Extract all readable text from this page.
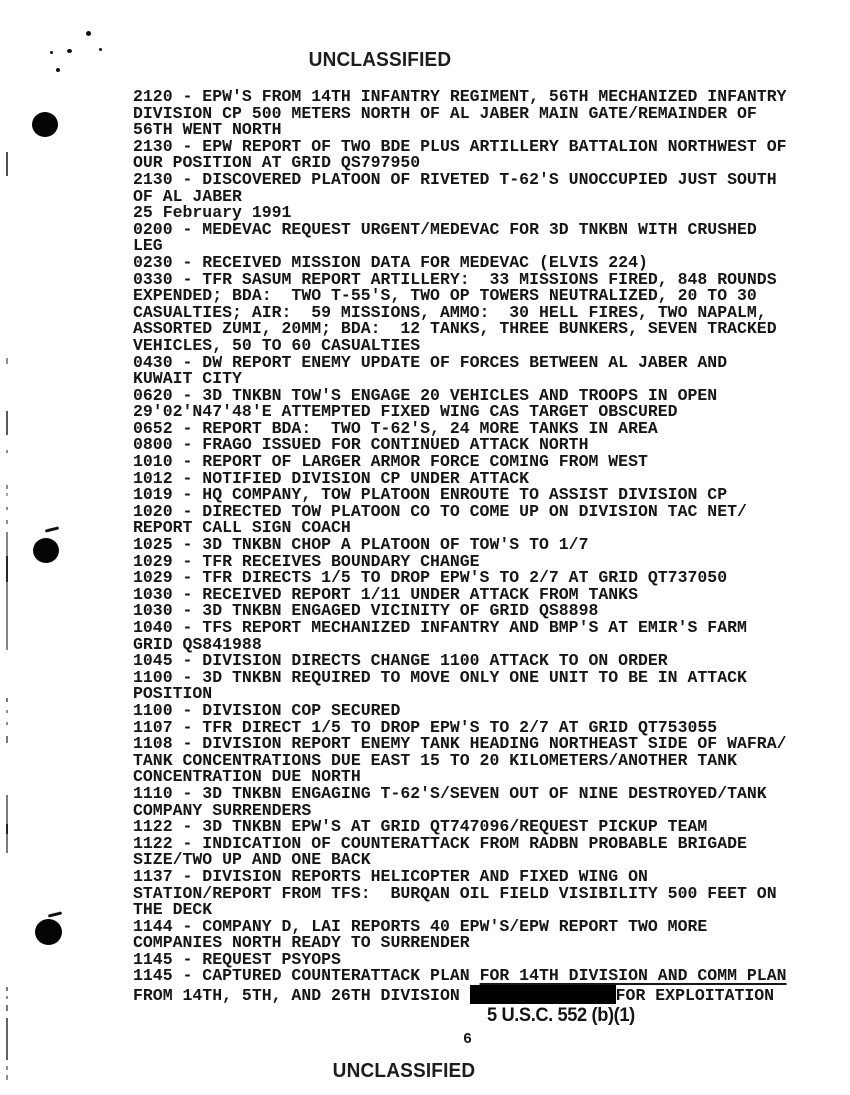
UNCLASSIFIED
2120 - EPW'S FROM 14TH INFANTRY REGIMENT, 56TH MECHANIZED INFANTRY
DIVISION CP 500 METERS NORTH OF AL JABER MAIN GATE/REMAINDER OF
56TH WENT NORTH
2130 - EPW REPORT OF TWO BDE PLUS ARTILLERY BATTALION NORTHWEST OF
OUR POSITION AT GRID QS797950
2130 - DISCOVERED PLATOON OF RIVETED T-62'S UNOCCUPIED JUST SOUTH
OF AL JABER
25 February 1991
0200 - MEDEVAC REQUEST URGENT/MEDEVAC FOR 3D TNKBN WITH CRUSHED
LEG
0230 - RECEIVED MISSION DATA FOR MEDEVAC (ELVIS 224)
0330 - TFR SASUM REPORT ARTILLERY:  33 MISSIONS FIRED, 848 ROUNDS
EXPENDED; BDA:  TWO T-55'S, TWO OP TOWERS NEUTRALIZED, 20 TO 30
CASUALTIES; AIR:  59 MISSIONS, AMMO:  30 HELL FIRES, TWO NAPALM,
ASSORTED ZUMI, 20MM; BDA:  12 TANKS, THREE BUNKERS, SEVEN TRACKED
VEHICLES, 50 TO 60 CASUALTIES
0430 - DW REPORT ENEMY UPDATE OF FORCES BETWEEN AL JABER AND
KUWAIT CITY
0620 - 3D TNKBN TOW'S ENGAGE 20 VEHICLES AND TROOPS IN OPEN
29'02'N47'48'E ATTEMPTED FIXED WING CAS TARGET OBSCURED
0652 - REPORT BDA:  TWO T-62'S, 24 MORE TANKS IN AREA
0800 - FRAGO ISSUED FOR CONTINUED ATTACK NORTH
1010 - REPORT OF LARGER ARMOR FORCE COMING FROM WEST
1012 - NOTIFIED DIVISION CP UNDER ATTACK
1019 - HQ COMPANY, TOW PLATOON ENROUTE TO ASSIST DIVISION CP
1020 - DIRECTED TOW PLATOON CO TO COME UP ON DIVISION TAC NET/
REPORT CALL SIGN COACH
1025 - 3D TNKBN CHOP A PLATOON OF TOW'S TO 1/7
1029 - TFR RECEIVES BOUNDARY CHANGE
1029 - TFR DIRECTS 1/5 TO DROP EPW'S TO 2/7 AT GRID QT737050
1030 - RECEIVED REPORT 1/11 UNDER ATTACK FROM TANKS
1030 - 3D TNKBN ENGAGED VICINITY OF GRID QS8898
1040 - TFS REPORT MECHANIZED INFANTRY AND BMP'S AT EMIR'S FARM
GRID QS841988
1045 - DIVISION DIRECTS CHANGE 1100 ATTACK TO ON ORDER
1100 - 3D TNKBN REQUIRED TO MOVE ONLY ONE UNIT TO BE IN ATTACK
POSITION
1100 - DIVISION COP SECURED
1107 - TFR DIRECT 1/5 TO DROP EPW'S TO 2/7 AT GRID QT753055
1108 - DIVISION REPORT ENEMY TANK HEADING NORTHEAST SIDE OF WAFRA/
TANK CONCENTRATIONS DUE EAST 15 TO 20 KILOMETERS/ANOTHER TANK
CONCENTRATION DUE NORTH
1110 - 3D TNKBN ENGAGING T-62'S/SEVEN OUT OF NINE DESTROYED/TANK
COMPANY SURRENDERS
1122 - 3D TNKBN EPW'S AT GRID QT747096/REQUEST PICKUP TEAM
1122 - INDICATION OF COUNTERATTACK FROM RADBN PROBABLE BRIGADE
SIZE/TWO UP AND ONE BACK
1137 - DIVISION REPORTS HELICOPTER AND FIXED WING ON
STATION/REPORT FROM TFS:  BURQAN OIL FIELD VISIBILITY 500 FEET ON
THE DECK
1144 - COMPANY D, LAI REPORTS 40 EPW'S/EPW REPORT TWO MORE
COMPANIES NORTH READY TO SURRENDER
1145 - REQUEST PSYOPS
1145 - CAPTURED COUNTERATTACK PLAN FOR 14TH DIVISION AND COMM PLAN
FROM 14TH, 5TH, AND 26TH DIVISION	FOR EXPLOITATION
5 U.S.C. 552 (b)(1)
6
UNCLASSIFIED
